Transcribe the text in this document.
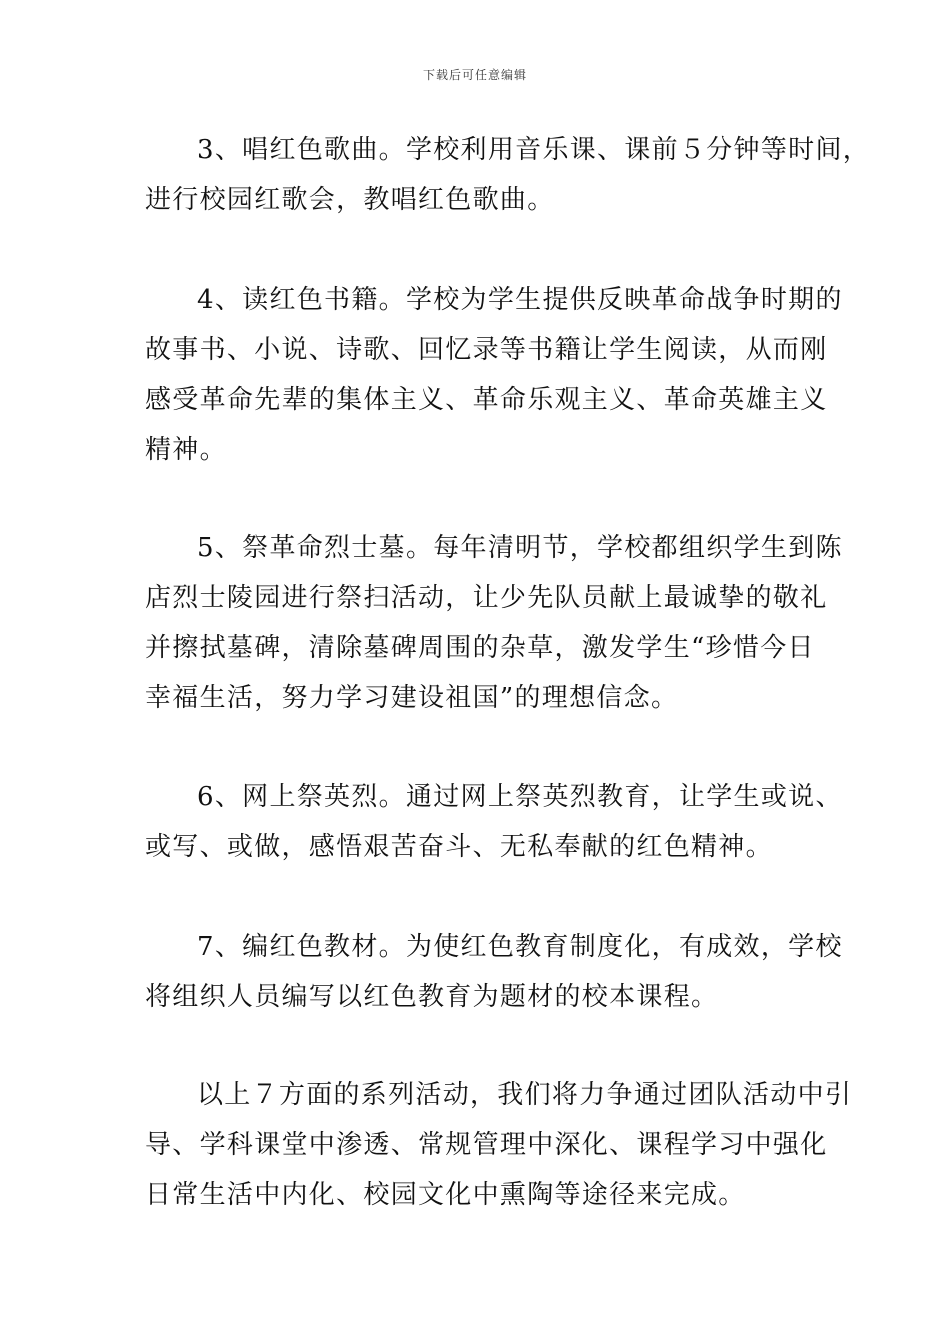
下载后可任意编辑
3、唱红色歌曲。学校利用音乐课、课前５分钟等时间，
进行校园红歌会，教唱红色歌曲。
4、读红色书籍。学校为学生提供反映革命战争时期的
故事书、小说、诗歌、回忆录等书籍让学生阅读，从而刚
感受革命先辈的集体主义、革命乐观主义、革命英雄主义
精神。
5、祭革命烈士墓。每年清明节，学校都组织学生到陈
店烈士陵园进行祭扫活动，让少先队员献上最诚挚的敬礼
并擦拭墓碑，清除墓碑周围的杂草，激发学生“珍惜今日
幸福生活，努力学习建设祖国”的理想信念。
6、网上祭英烈。通过网上祭英烈教育，让学生或说、
或写、或做，感悟艰苦奋斗、无私奉献的红色精神。
7、编红色教材。为使红色教育制度化，有成效，学校
将组织人员编写以红色教育为题材的校本课程。
以上７方面的系列活动，我们将力争通过团队活动中引
导、学科课堂中渗透、常规管理中深化、课程学习中强化
日常生活中内化、校园文化中熏陶等途径来完成。
